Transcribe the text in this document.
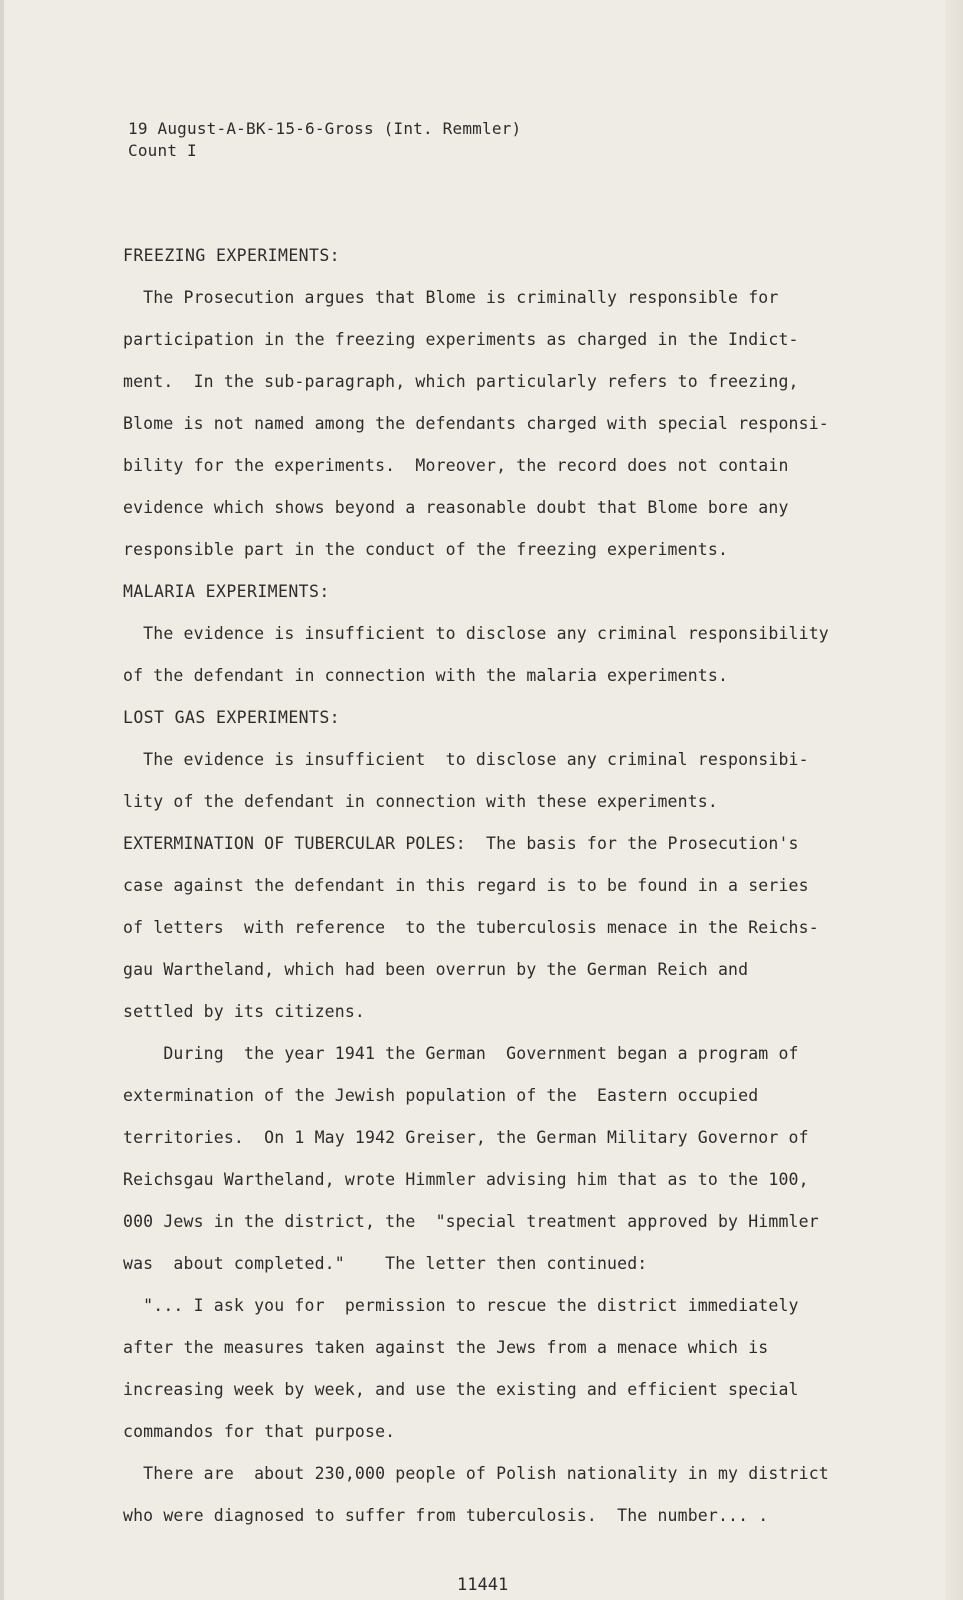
19 August-A-BK-15-6-Gross (Int. Remmler)
Count I
FREEZING EXPERIMENTS:
The Prosecution argues that Blome is criminally responsible for
participation in the freezing experiments as charged in the Indict-
ment.  In the sub-paragraph, which particularly refers to freezing,
Blome is not named among the defendants charged with special responsi-
bility for the experiments.  Moreover, the record does not contain
evidence which shows beyond a reasonable doubt that Blome bore any
responsible part in the conduct of the freezing experiments.
MALARIA EXPERIMENTS:
The evidence is insufficient to disclose any criminal responsibility
of the defendant in connection with the malaria experiments.
LOST GAS EXPERIMENTS:
The evidence is insufficient  to disclose any criminal responsibi-
lity of the defendant in connection with these experiments.
EXTERMINATION OF TUBERCULAR POLES:  The basis for the Prosecution's
case against the defendant in this regard is to be found in a series
of letters  with reference  to the tuberculosis menace in the Reichs-
gau Wartheland, which had been overrun by the German Reich and
settled by its citizens.
During  the year 1941 the German  Government began a program of
extermination of the Jewish population of the  Eastern occupied
territories.  On 1 May 1942 Greiser, the German Military Governor of
Reichsgau Wartheland, wrote Himmler advising him that as to the 100,
000 Jews in the district, the  "special treatment approved by Himmler
was  about completed."    The letter then continued:
"... I ask you for  permission to rescue the district immediately
after the measures taken against the Jews from a menace which is
increasing week by week, and use the existing and efficient special
commandos for that purpose.
There are  about 230,000 people of Polish nationality in my district
who were diagnosed to suffer from tuberculosis.  The number... .
11441
